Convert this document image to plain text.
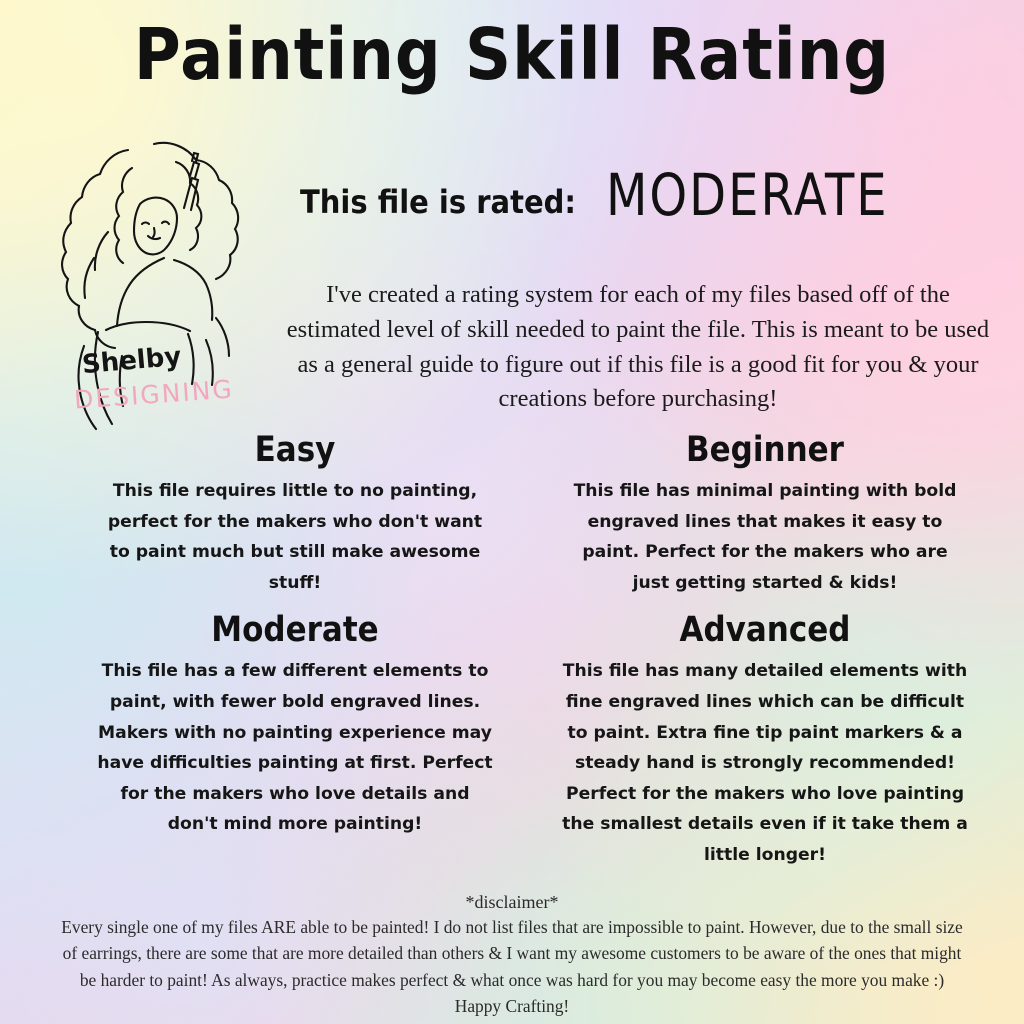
Painting Skill Rating
Shelby
DESIGNING
This file is rated: MODERATE
I've created a rating system for each of my files based off of the estimated level of skill needed to paint the file. This is meant to be used as a general guide to figure out if this file is a good fit for you & your creations before purchasing!
Easy
This file requires little to no painting, perfect for the makers who don't want to paint much but still make awesome stuff!
Beginner
This file has minimal painting with bold engraved lines that makes it easy to paint. Perfect for the makers who are just getting started & kids!
Moderate
This file has a few different elements to paint, with fewer bold engraved lines. Makers with no painting experience may have difficulties painting at first. Perfect for the makers who love details and don't mind more painting!
Advanced
This file has many detailed elements with fine engraved lines which can be difficult to paint. Extra fine tip paint markers & a steady hand is strongly recommended! Perfect for the makers who love painting the smallest details even if it take them a little longer!
*disclaimer*
Every single one of my files ARE able to be painted! I do not list files that are impossible to paint. However, due to the small size of earrings, there are some that are more detailed than others & I want my awesome customers to be aware of the ones that might be harder to paint! As always, practice makes perfect & what once was hard for you may become easy the more you make :) Happy Crafting!
